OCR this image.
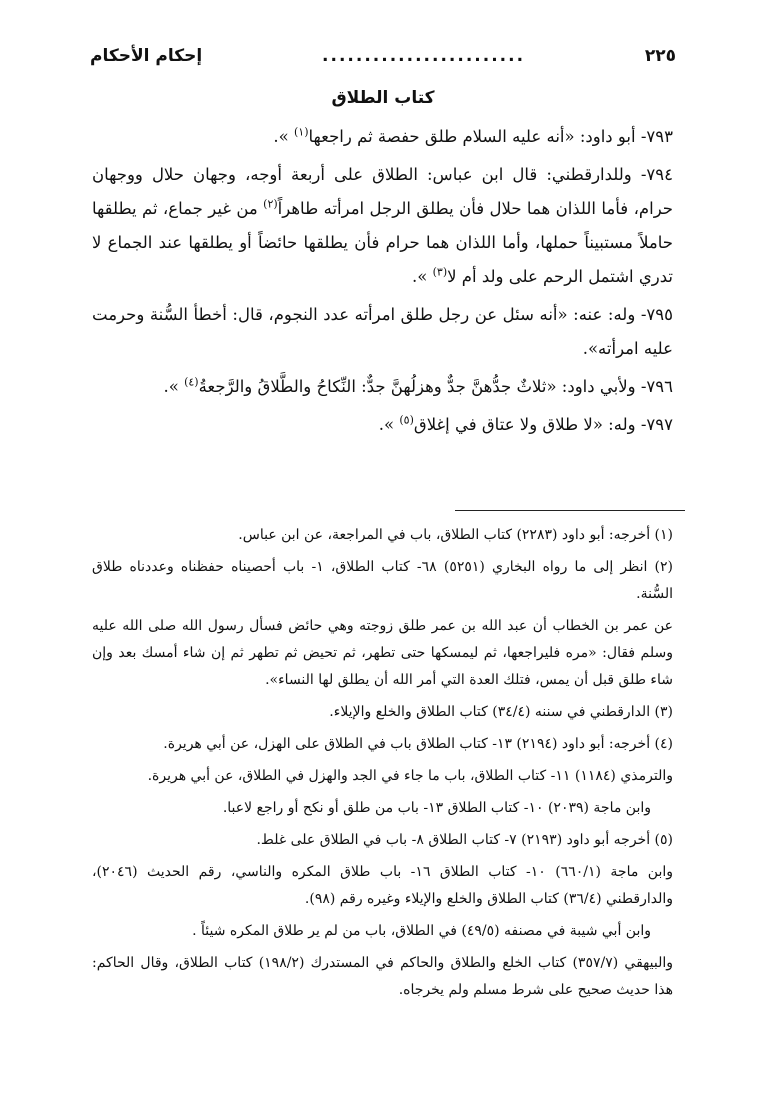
٢٢٥
........................
إحكام الأحكام
كتاب الطلاق

٧٩٣- أبو داود: «أنه عليه السلام طلق حفصة ثم راجعها$^{(١)}$ ».

٧٩٤- وللدارقطني: قال ابن عباس: الطلاق على أربعة أوجه، وجهان حلال ووجهان حرام، فأما اللذان هما حلال فأن يطلق الرجل امرأته طاهراً$^{(٢)}$ من غير جماع، ثم يطلقها حاملاً مستبيناً حملها، وأما اللذان هما حرام فأن يطلقها حائضاً أو يطلقها عند الجماع لا تدري اشتمل الرحم على ولد أم لا$^{(٣)}$ ».

٧٩٥- وله: عنه: «أنه سئل عن رجل طلق امرأته عدد النجوم، قال: أخطأ السُّنة وحرمت عليه امرأته».

٧٩٦- ولأبي داود: «ثلاثٌ جدُّهنَّ جدٌّ وهزلُهنَّ جدٌّ: النِّكاحُ والطَّلاقُ والرَّجعةُ$^{(٤)}$ ».

٧٩٧- وله: «لا طلاق ولا عتاق في إغلاق$^{(٥)}$ ».

(١) أخرجه: أبو داود (٢٢٨٣) كتاب الطلاق، باب في المراجعة، عن ابن عباس.

(٢) انظر إلى ما رواه البخاري (٥٢٥١) ٦٨- كتاب الطلاق، ١- باب أحصيناه حفظناه وعددناه طلاق السُّنة.

عن عمر بن الخطاب أن عبد الله بن عمر طلق زوجته وهي حائض فسأل رسول الله صلى الله عليه وسلم فقال: «مره فليراجعها، ثم ليمسكها حتى تطهر، ثم تحيض ثم تطهر ثم إن شاء أمسك بعد وإن شاء طلق قبل أن يمس، فتلك العدة التي أمر الله أن يطلق لها النساء».

(٣) الدارقطني في سننه (٣٤/٤) كتاب الطلاق والخلع والإيلاء.

(٤) أخرجه: أبو داود (٢١٩٤) ١٣- كتاب الطلاق باب في الطلاق على الهزل، عن أبي هريرة.

والترمذي (١١٨٤) ١١- كتاب الطلاق، باب ما جاء في الجد والهزل في الطلاق، عن أبي هريرة.

وابن ماجة (٢٠٣٩) ١٠- كتاب الطلاق ١٣- باب من طلق أو نكح أو راجع لاعبا.

(٥) أخرجه أبو داود (٢١٩٣) ٧- كتاب الطلاق ٨- باب في الطلاق على غلط.

وابن ماجة (٦٦٠/١) ١٠- كتاب الطلاق ١٦- باب طلاق المكره والناسي، رقم الحديث (٢٠٤٦)، والدارقطني (٣٦/٤) كتاب الطلاق والخلع والإيلاء وغيره رقم (٩٨).

وابن أبي شيبة في مصنفه (٤٩/٥) في الطلاق، باب من لم ير طلاق المكره شيئاً .

والبيهقي (٣٥٧/٧) كتاب الخلع والطلاق والحاكم في المستدرك (١٩٨/٢) كتاب الطلاق، وقال الحاكم: هذا حديث صحيح على شرط مسلم ولم يخرجاه.
